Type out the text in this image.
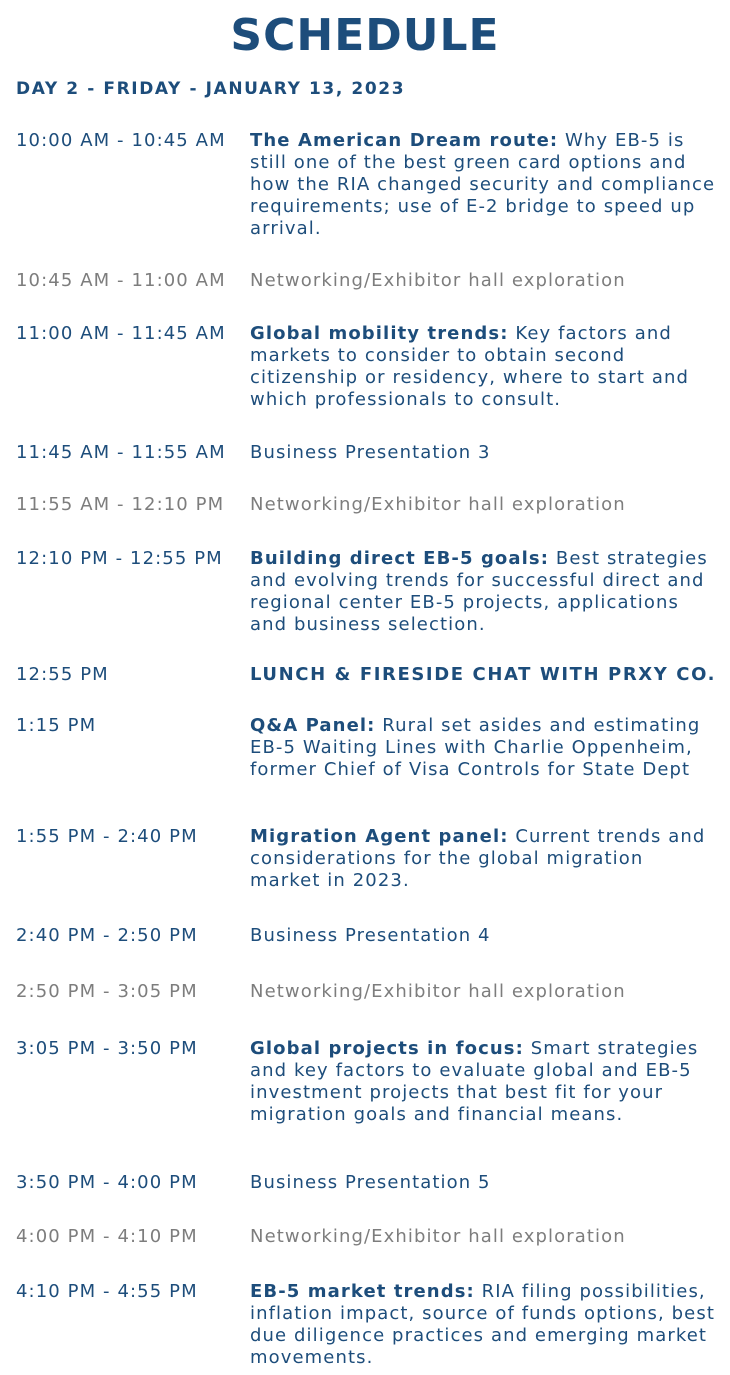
SCHEDULE
DAY 2 - FRIDAY - JANUARY 13, 2023
10:00 AM - 10:45 AM The American Dream route: Why EB-5 is still one of the best green card options and how the RIA changed security and compliance requirements; use of E-2 bridge to speed up arrival.
10:45 AM - 11:00 AM Networking/Exhibitor hall exploration
11:00 AM - 11:45 AM Global mobility trends: Key factors and markets to consider to obtain second citizenship or residency, where to start and which professionals to consult.
11:45 AM - 11:55 AM Business Presentation 3
11:55 AM - 12:10 PM Networking/Exhibitor hall exploration
12:10 PM - 12:55 PM Building direct EB-5 goals: Best strategies and evolving trends for successful direct and regional center EB-5 projects, applications and business selection.
12:55 PM	LUNCH & FIRESIDE CHAT WITH PRXY CO.
1:15 PM	Q&A Panel: Rural set asides and estimating EB-5 Waiting Lines with Charlie Oppenheim, former Chief of Visa Controls for State Dept
1:55 PM - 2:40 PM	Migration Agent panel: Current trends and considerations for the global migration market in 2023.
2:40 PM - 2:50 PM	Business Presentation 4
2:50 PM - 3:05 PM	Networking/Exhibitor hall exploration
3:05 PM - 3:50 PM	Global projects in focus: Smart strategies and key factors to evaluate global and EB-5 investment projects that best fit for your migration goals and financial means.
3:50 PM - 4:00 PM	Business Presentation 5
4:00 PM - 4:10 PM	Networking/Exhibitor hall exploration
4:10 PM - 4:55 PM	EB-5 market trends: RIA filing possibilities, inflation impact, source of funds options, best due diligence practices and emerging market movements.
